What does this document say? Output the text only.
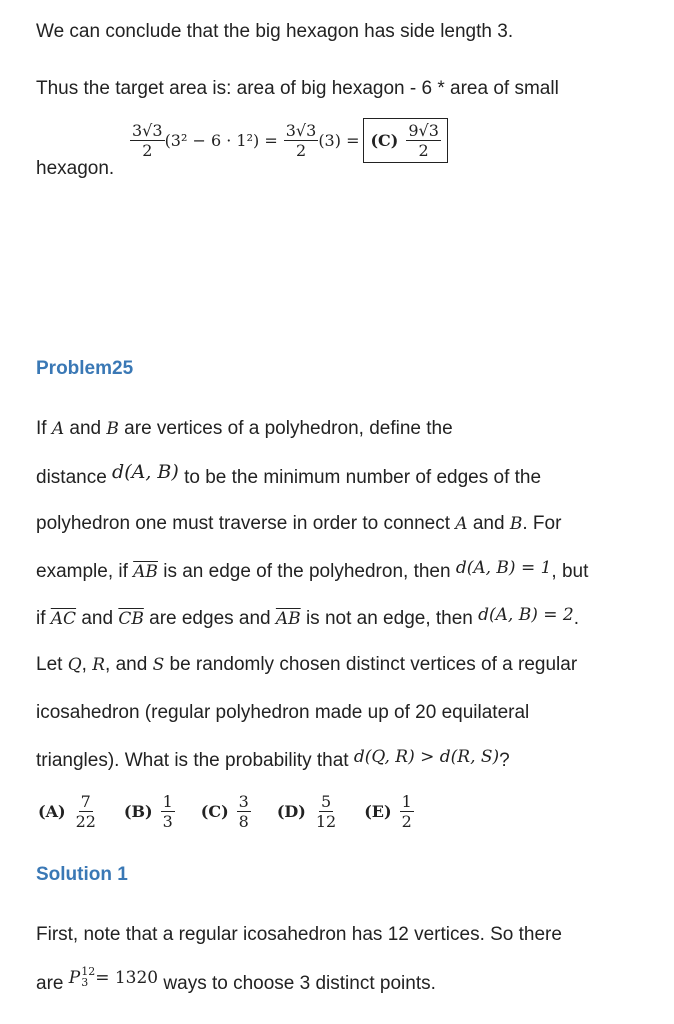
We can conclude that the big hexagon has side length 3.
Thus the target area is: area of big hexagon - 6 * area of small
hexagon.
$\frac{3√3}{2} (3^2 - 6 \cdot 1^2) = \frac{3√3}{2} (3) = (C) \frac{9√3}{2}$
Problem25
If A and B are vertices of a polyhedron, define the
distance d(A, B) to be the minimum number of edges of the
polyhedron one must traverse in order to connect A and B. For
example, if $\overline{AB}$ is an edge of the polyhedron, then d(A, B) = 1, but
if $\overline{AC}$ and $\overline{CB}$ are edges and $\overline{AB}$ is not an edge, then d(A, B) = 2.
Let Q, R, and S be randomly chosen distinct vertices of a regular
icosahedron (regular polyhedron made up of 20 equilateral
triangles). What is the probability that d(Q, R) > d(R, S)?
$(A) \frac{7}{22} (B) \frac{1}{3} (C) \frac{3}{8} (D) \frac{5}{12} (E) \frac{1}{2}$
Solution 1
First, note that a regular icosahedron has 12 vertices. So there
are P 12
3 = 1320 ways to choose 3 distinct points.
